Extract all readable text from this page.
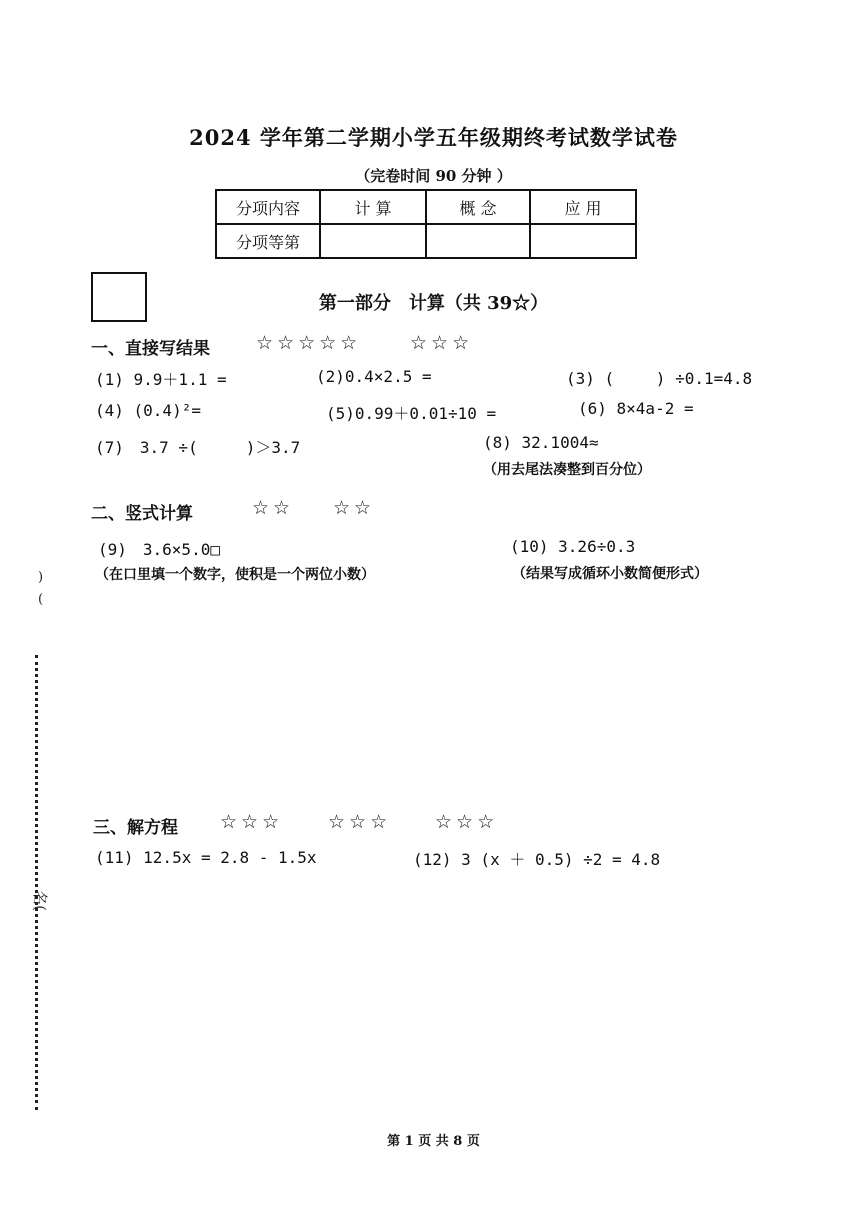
2024 学年第二学期小学五年级期终考试数学试卷
（完卷时间 90 分钟 ）
分项内容	计 算	概 念	应 用
分项等第			
第一部分　计算（共 39☆）
一、直接写结果 ☆☆☆☆☆	☆☆☆
(1) 9.9＋1.1 =	(2)0.4×2.5 =	(3) (　　 ) ÷0.1=4.8
(4) (0.4)²=	(5)0.99＋0.01÷10 =	(6) 8×4a-2 =
(7)　3.7 ÷(　　　)＞3.7	(8) 32.1004≈
（用去尾法凑整到百分位）
二、竖式计算	☆☆ ☆☆
(9)　3.6×5.0□
（在口里填一个数字，使积是一个两位小数）
(10) 3.26÷0.3
（结果写成循环小数简便形式）
三、解方程 ☆☆☆ ☆☆☆ ☆☆☆
(11) 12.5x = 2.8 - 1.5x	(12) 3 (x ＋ 0.5) ÷2 = 4.8
)
(
名(
第 1 页 共 8 页
